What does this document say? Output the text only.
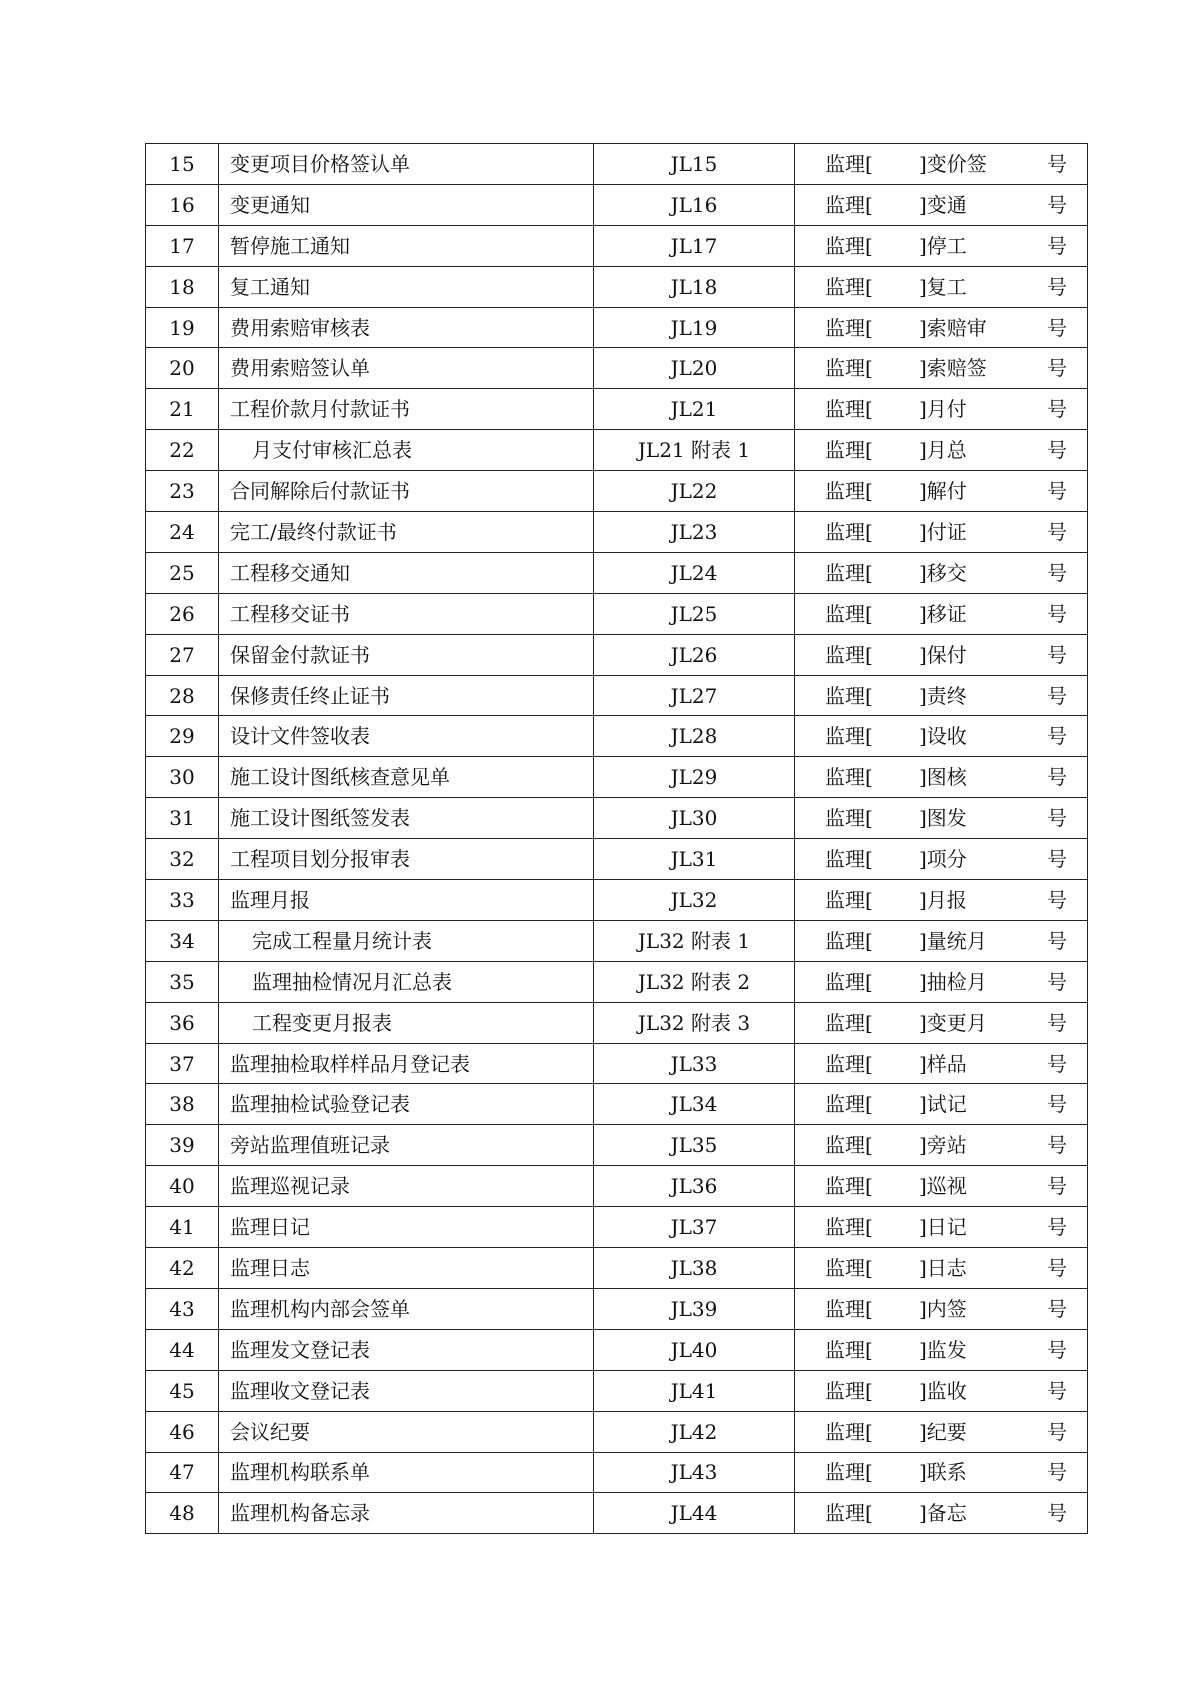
15	变更项目价格签认单	JL15	监理[ ]变价签 号

16	变更通知	JL16	监理[ ]变通 号

17	暂停施工通知	JL17	监理[ ]停工 号

18	复工通知	JL18	监理[ ]复工 号

19	费用索赔审核表	JL19	监理[ ]索赔审 号

20	费用索赔签认单	JL20	监理[ ]索赔签 号

21	工程价款月付款证书	JL21	监理[ ]月付 号

22	月支付审核汇总表	JL21 附表 1	监理[ ]月总 号

23	合同解除后付款证书	JL22	监理[ ]解付 号

24	完工/最终付款证书	JL23	监理[ ]付证 号

25	工程移交通知	JL24	监理[ ]移交 号

26	工程移交证书	JL25	监理[ ]移证 号

27	保留金付款证书	JL26	监理[ ]保付 号

28	保修责任终止证书	JL27	监理[ ]责终 号

29	设计文件签收表	JL28	监理[ ]设收 号

30	施工设计图纸核查意见单	JL29	监理[ ]图核 号

31	施工设计图纸签发表	JL30	监理[ ]图发 号

32	工程项目划分报审表	JL31	监理[ ]项分 号

33	监理月报	JL32	监理[ ]月报 号

34	完成工程量月统计表	JL32 附表 1	监理[ ]量统月 号

35	监理抽检情况月汇总表	JL32 附表 2	监理[ ]抽检月 号

36	工程变更月报表	JL32 附表 3	监理[ ]变更月 号

37	监理抽检取样样品月登记表	JL33	监理[ ]样品 号

38	监理抽检试验登记表	JL34	监理[ ]试记 号

39	旁站监理值班记录	JL35	监理[ ]旁站 号

40	监理巡视记录	JL36	监理[ ]巡视 号

41	监理日记	JL37	监理[ ]日记 号

42	监理日志	JL38	监理[ ]日志 号

43	监理机构内部会签单	JL39	监理[ ]内签 号

44	监理发文登记表	JL40	监理[ ]监发 号

45	监理收文登记表	JL41	监理[ ]监收 号

46	会议纪要	JL42	监理[ ]纪要 号

47	监理机构联系单	JL43	监理[ ]联系 号

48	监理机构备忘录	JL44	监理[ ]备忘 号
